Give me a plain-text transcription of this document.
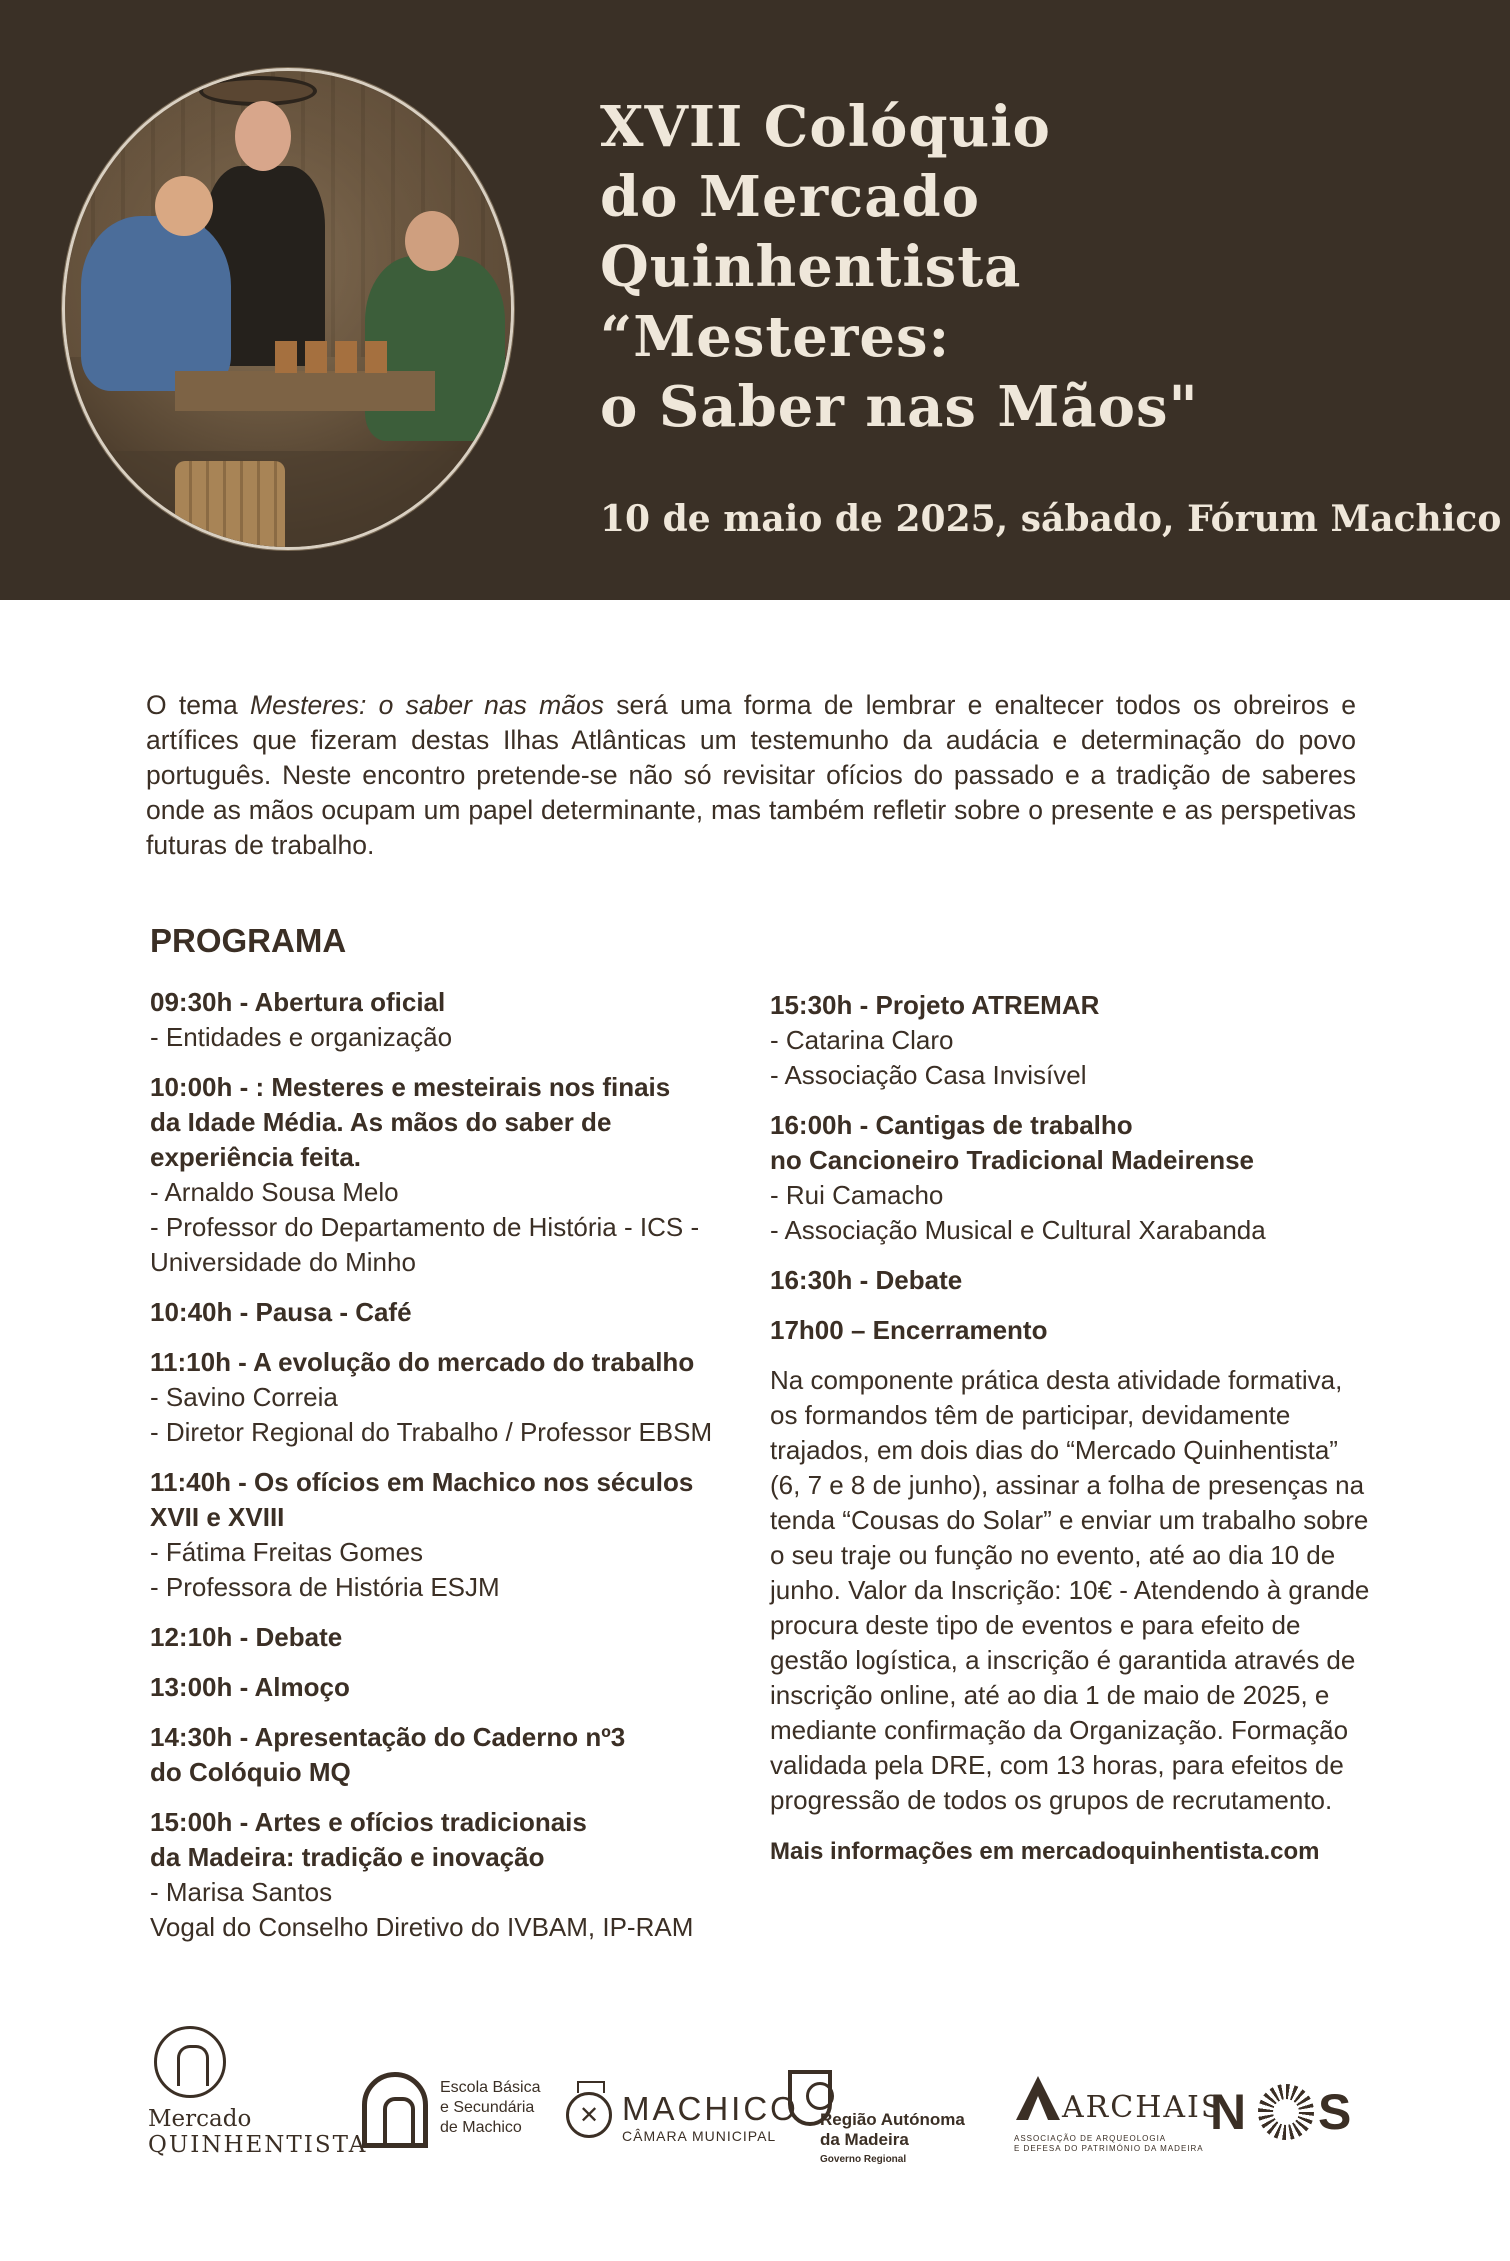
XVII Colóquio
do Mercado
Quinhentista
“Mesteres:
o Saber nas Mãos"
10 de maio de 2025, sábado, Fórum Machico

O tema Mesteres: o saber nas mãos será uma forma de lembrar e enaltecer todos os obreiros e artífices que fizeram destas Ilhas Atlânticas um testemunho da audácia e determinação do povo português. Neste encontro pretende-se não só revisitar ofícios do passado e a tradição de saberes onde as mãos ocupam um papel determinante, mas também refletir sobre o presente e as perspetivas futuras de trabalho.

PROGRAMA
09:30h - Abertura oficial
- Entidades e organização
10:00h - : Mesteres e mesteirais nos finais
da Idade Média. As mãos do saber de
experiência feita.
- Arnaldo Sousa Melo
- Professor do Departamento de História - ICS -
Universidade do Minho
10:40h - Pausa - Café
11:10h - A evolução do mercado do trabalho
- Savino Correia
- Diretor Regional do Trabalho / Professor EBSM
11:40h - Os ofícios em Machico nos séculos
XVII e XVIII
- Fátima Freitas Gomes
- Professora de História ESJM
12:10h - Debate
13:00h - Almoço
14:30h - Apresentação do Caderno nº3
do Colóquio MQ
15:00h - Artes e ofícios tradicionais
da Madeira: tradição e inovação
- Marisa Santos
Vogal do Conselho Diretivo do IVBAM, IP-RAM
15:30h - Projeto ATREMAR
- Catarina Claro
- Associação Casa Invisível
16:00h - Cantigas de trabalho
no Cancioneiro Tradicional Madeirense
- Rui Camacho
- Associação Musical e Cultural Xarabanda
16:30h - Debate
17h00 – Encerramento
Na componente prática desta atividade formativa, os formandos têm de participar, devidamente trajados, em dois dias do “Mercado Quinhentista” (6, 7 e 8 de junho), assinar a folha de presenças na tenda “Cousas do Solar” e enviar um trabalho sobre o seu traje ou função no evento, até ao dia 10 de junho. Valor da Inscrição: 10€ - Atendendo à grande procura deste tipo de eventos e para efeito de gestão logística, a inscrição é garantida através de inscrição online, até ao dia 1 de maio de 2025, e mediante confirmação da Organização. Formação validada pela DRE, com 13 horas, para efeitos de progressão de todos os grupos de recrutamento.
Mais informações em mercadoquinhentista.com
Mercado
QUINHENTISTA
Escola Básica
e Secundária
de Machico
✕
MACHICO
CÂMARA MUNICIPAL
Região Autónoma
da Madeira
Governo Regional
ARCHAIS
ASSOCIAÇÃO DE ARQUEOLOGIA
E DEFESA DO PATRIMÓNIO DA MADEIRA
N S
